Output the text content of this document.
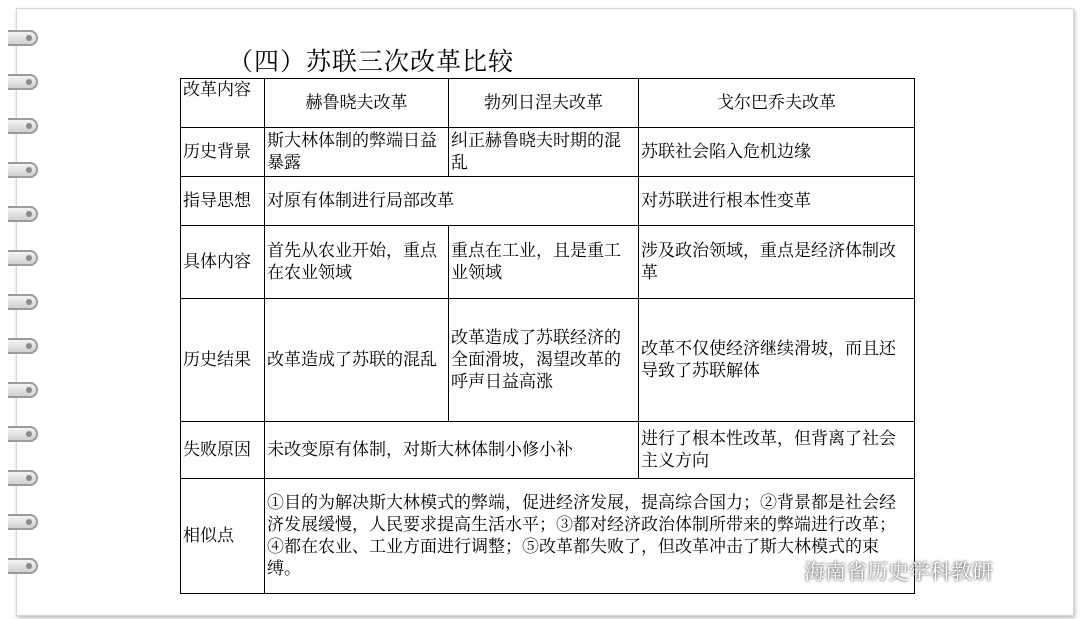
（四）苏联三次改革比较
改革内容	赫鲁晓夫改革	勃列日涅夫改革	戈尔巴乔夫改革
历史背景	斯大林体制的弊端日益暴露	纠正赫鲁晓夫时期的混乱	苏联社会陷入危机边缘
指导思想	对原有体制进行局部改革		对苏联进行根本性变革
具体内容	首先从农业开始，重点在农业领域	重点在工业，且是重工业领域	涉及政治领域，重点是经济体制改革
历史结果	改革造成了苏联的混乱	改革造成了苏联经济的全面滑坡，渴望改革的呼声日益高涨	改革不仅使经济继续滑坡，而且还导致了苏联解体
失败原因	未改变原有体制，对斯大林体制小修小补		进行了根本性改革，但背离了社会主义方向
相似点	①目的为解决斯大林模式的弊端，促进经济发展，提高综合国力；②背景都是社会经济发展缓慢，人民要求提高生活水平；③都对经济政治体制所带来的弊端进行改革；④都在农业、工业方面进行调整；⑤改革都失败了，但改革冲击了斯大林模式的束缚。			海南省历史学科教研
